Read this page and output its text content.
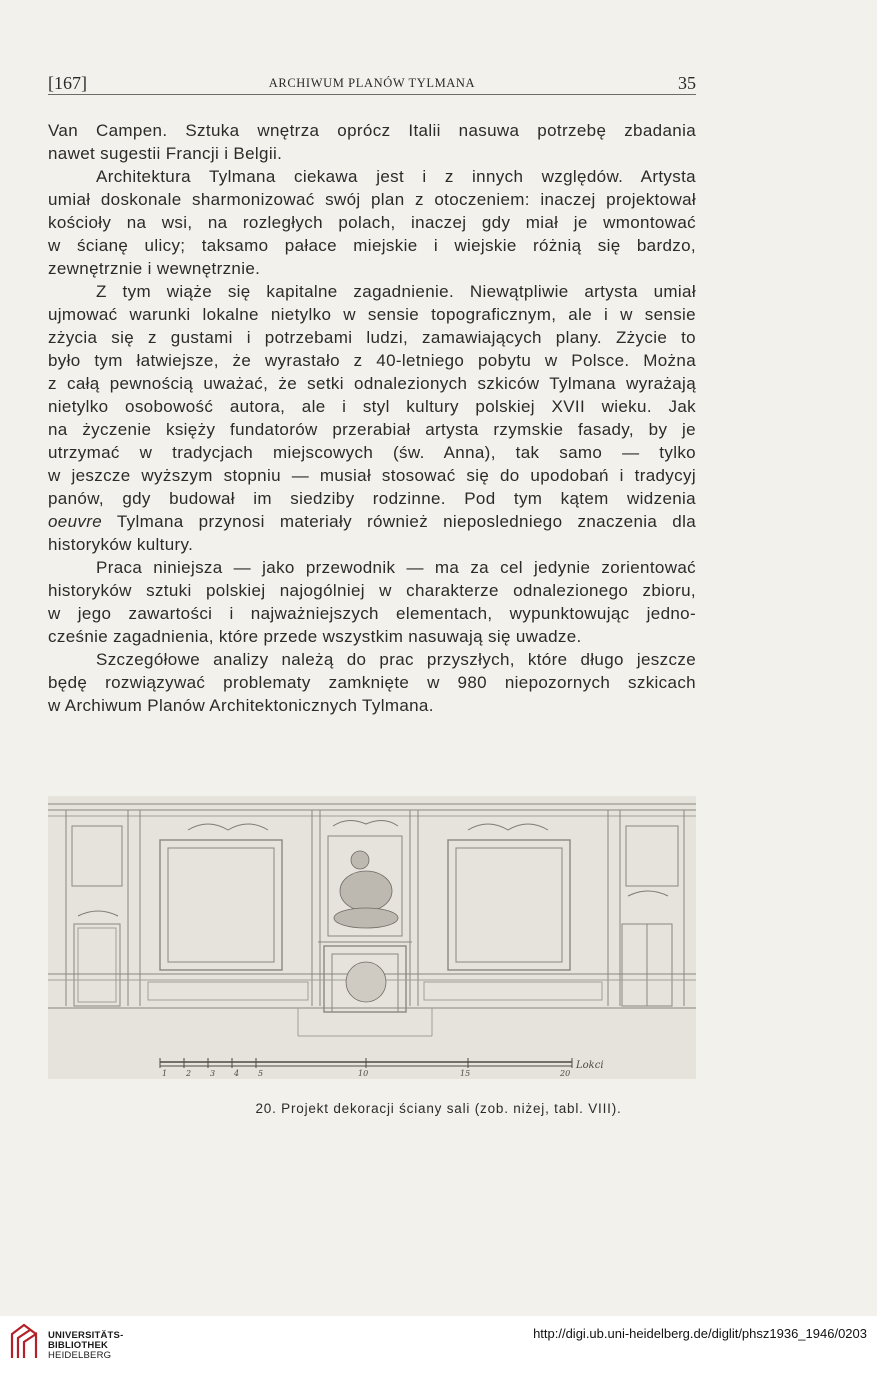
[167]	ARCHIWUM PLANÓW TYLMANA	35
Van Campen. Sztuka wnętrza oprócz Italii nasuwa potrzebę zbadania
nawet sugestii Francji i Belgii.
Architektura Tylmana ciekawa jest i z innych względów. Artysta
umiał doskonale sharmonizować swój plan z otoczeniem: inaczej projektował
kościoły na wsi, na rozległych polach, inaczej gdy miał je wmontować
w ścianę ulicy; taksamo pałace miejskie i wiejskie różnią się bardzo,
zewnętrznie i wewnętrznie.
Z tym wiąże się kapitalne zagadnienie. Niewątpliwie artysta umiał
ujmować warunki lokalne nietylko w sensie topograficznym, ale i w sensie
zżycia się z gustami i potrzebami ludzi, zamawiających plany. Zżycie to
było tym łatwiejsze, że wyrastało z 40-letniego pobytu w Polsce. Można
z całą pewnością uważać, że setki odnalezionych szkiców Tylmana wyrażają
nietylko osobowość autora, ale i styl kultury polskiej XVII wieku. Jak
na życzenie księży fundatorów przerabiał artysta rzymskie fasady, by je
utrzymać w tradycjach miejscowych (św. Anna), tak samo — tylko
w jeszcze wyższym stopniu — musiał stosować się do upodobań i tradycyj
panów, gdy budował im siedziby rodzinne. Pod tym kątem widzenia
oeuvre Tylmana przynosi materiały również nieposledniego znaczenia dla
historyków kultury.
Praca niniejsza — jako przewodnik — ma za cel jedynie zorientować
historyków sztuki polskiej najogólniej w charakterze odnalezionego zbioru,
w jego zawartości i najważniejszych elementach, wypunktowując jedno-
cześnie zagadnienia, które przede wszystkim nasuwają się uwadze.
Szczegółowe analizy należą do prac przyszłych, które długo jeszcze
będę rozwiązywać problematy zamknięte w 980 niepozornych szkicach
w Archiwum Planów Architektonicznych Tylmana.
1 2 3 4 5	10	15	20
Lokci
20. Projekt dekoracji ściany sali (zob. niżej, tabl. VIII).
UNIVERSITÄTS-
BIBLIOTHEK
HEIDELBERG
http://digi.ub.uni-heidelberg.de/diglit/phsz1936_1946/0203
